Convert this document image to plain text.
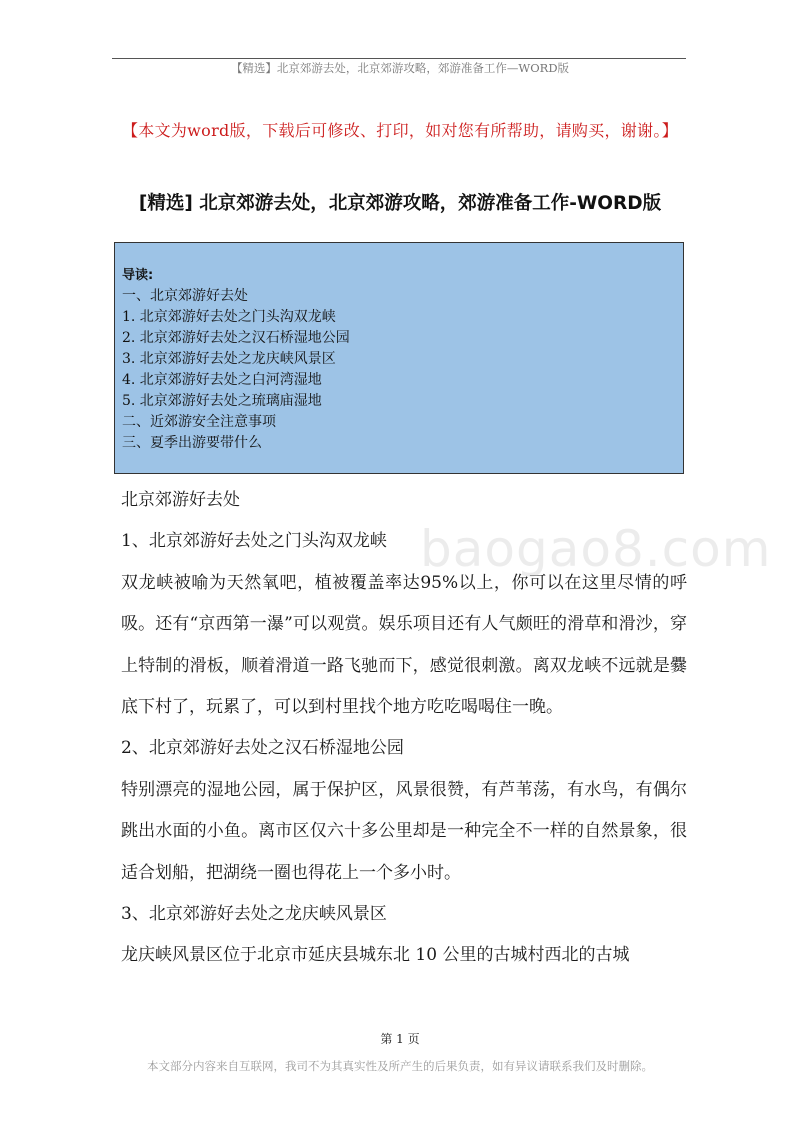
【精选】北京郊游去处，北京郊游攻略，郊游准备工作—WORD版
【本文为word版，下载后可修改、打印，如对您有所帮助，请购买，谢谢。】
[精选] 北京郊游去处，北京郊游攻略，郊游准备工作-WORD版
导读:
一、北京郊游好去处
1. 北京郊游好去处之门头沟双龙峡
2. 北京郊游好去处之汉石桥湿地公园
3. 北京郊游好去处之龙庆峡风景区
4. 北京郊游好去处之白河湾湿地
5. 北京郊游好去处之琉璃庙湿地
二、近郊游安全注意事项
三、夏季出游要带什么

北京郊游好去处

1、北京郊游好去处之门头沟双龙峡

双龙峡被喻为天然氧吧，植被覆盖率达95%以上，你可以在这里尽情的呼吸。还有“京西第一瀑”可以观赏。娱乐项目还有人气颇旺的滑草和滑沙，穿上特制的滑板，顺着滑道一路飞驰而下，感觉很刺激。离双龙峡不远就是爨底下村了，玩累了，可以到村里找个地方吃吃喝喝住一晚。

2、北京郊游好去处之汉石桥湿地公园

特别漂亮的湿地公园，属于保护区，风景很赞，有芦苇荡，有水鸟，有偶尔跳出水面的小鱼。离市区仅六十多公里却是一种完全不一样的自然景象，很适合划船，把湖绕一圈也得花上一个多小时。

3、北京郊游好去处之龙庆峡风景区

龙庆峡风景区位于北京市延庆县城东北 10 公里的古城村西北的古城

baogao8.com
第 1 页
本文部分内容来自互联网，我司不为其真实性及所产生的后果负责，如有异议请联系我们及时删除。
